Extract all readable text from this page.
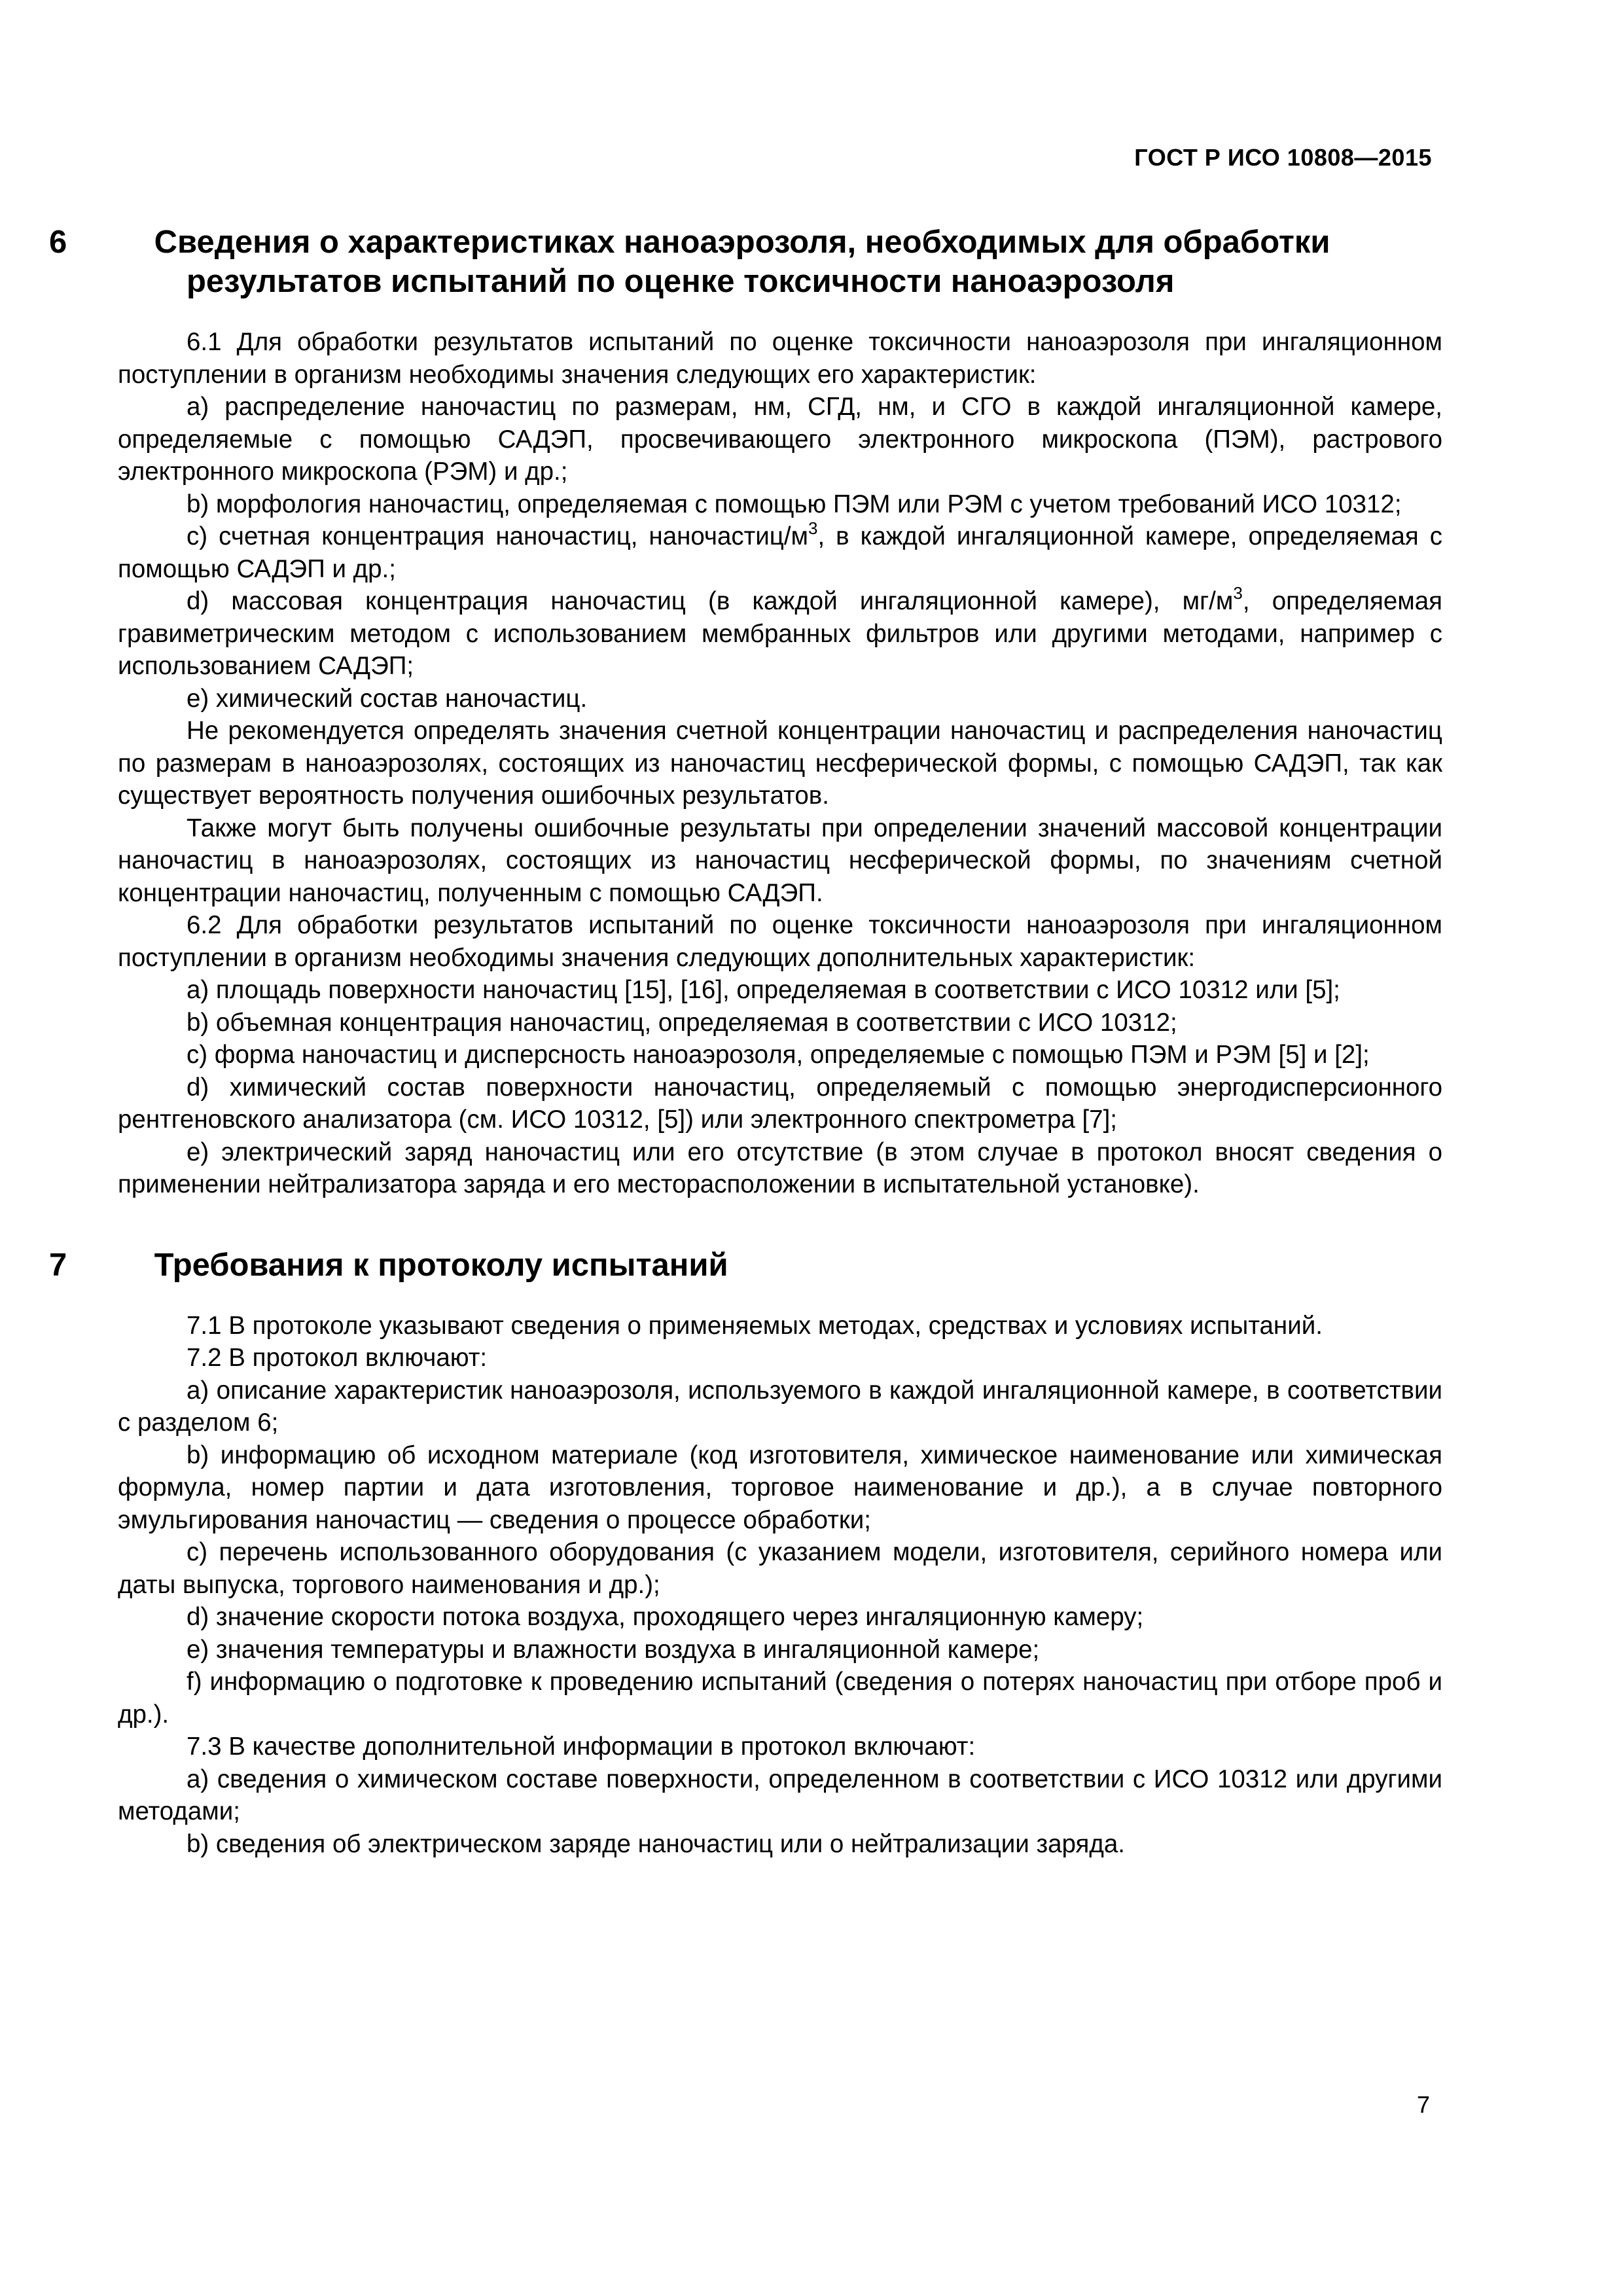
ГОСТ Р ИСО 10808—2015
6	Сведения о характеристиках наноаэрозоля, необходимых для обработки результатов испытаний по оценке токсичности наноаэрозоля

6.1 Для обработки результатов испытаний по оценке токсичности наноаэрозоля при ингаляционном поступлении в организм необходимы значения следующих его характеристик:

а) распределение наночастиц по размерам, нм, СГД, нм, и СГО в каждой ингаляционной камере, определяемые с помощью САДЭП, просвечивающего электронного микроскопа (ПЭМ), растрового электронного микроскопа (РЭМ) и др.;

b) морфология наночастиц, определяемая с помощью ПЭМ или РЭМ с учетом требований ИСО 10312;

с) счетная концентрация наночастиц, наночастиц/$м^3$, в каждой ингаляционной камере, определяемая с помощью САДЭП и др.;

d) массовая концентрация наночастиц (в каждой ингаляционной камере), $мг/м^3$, определяемая гравиметрическим методом с использованием мембранных фильтров или другими методами, например с использованием САДЭП;

е) химический состав наночастиц.

Не рекомендуется определять значения счетной концентрации наночастиц и распределения наночастиц по размерам в наноаэрозолях, состоящих из наночастиц несферической формы, с помощью САДЭП, так как существует вероятность получения ошибочных результатов.

Также могут быть получены ошибочные результаты при определении значений массовой концентрации наночастиц в наноаэрозолях, состоящих из наночастиц несферической формы, по значениям счетной концентрации наночастиц, полученным с помощью САДЭП.

6.2 Для обработки результатов испытаний по оценке токсичности наноаэрозоля при ингаляционном поступлении в организм необходимы значения следующих дополнительных характеристик:

а) площадь поверхности наночастиц [15], [16], определяемая в соответствии с ИСО 10312 или [5];

b) объемная концентрация наночастиц, определяемая в соответствии с ИСО 10312;

с) форма наночастиц и дисперсность наноаэрозоля, определяемые с помощью ПЭМ и РЭМ [5] и [2];

d) химический состав поверхности наночастиц, определяемый с помощью энергодисперсионного рентгеновского анализатора (см. ИСО 10312, [5]) или электронного спектрометра [7];

е) электрический заряд наночастиц или его отсутствие (в этом случае в протокол вносят сведения о применении нейтрализатора заряда и его месторасположении в испытательной установке).

7	Требования к протоколу испытаний

7.1 В протоколе указывают сведения о применяемых методах, средствах и условиях испытаний.

7.2 В протокол включают:

а) описание характеристик наноаэрозоля, используемого в каждой ингаляционной камере, в соответствии с разделом 6;

b) информацию об исходном материале (код изготовителя, химическое наименование или химическая формула, номер партии и дата изготовления, торговое наименование и др.), а в случае повторного эмульгирования наночастиц — сведения о процессе обработки;

с) перечень использованного оборудования (с указанием модели, изготовителя, серийного номера или даты выпуска, торгового наименования и др.);

d) значение скорости потока воздуха, проходящего через ингаляционную камеру;

е) значения температуры и влажности воздуха в ингаляционной камере;

f) информацию о подготовке к проведению испытаний (сведения о потерях наночастиц при отборе проб и др.).

7.3 В качестве дополнительной информации в протокол включают:

а) сведения о химическом составе поверхности, определенном в соответствии с ИСО 10312 или другими методами;

b) сведения об электрическом заряде наночастиц или о нейтрализации заряда.

7
